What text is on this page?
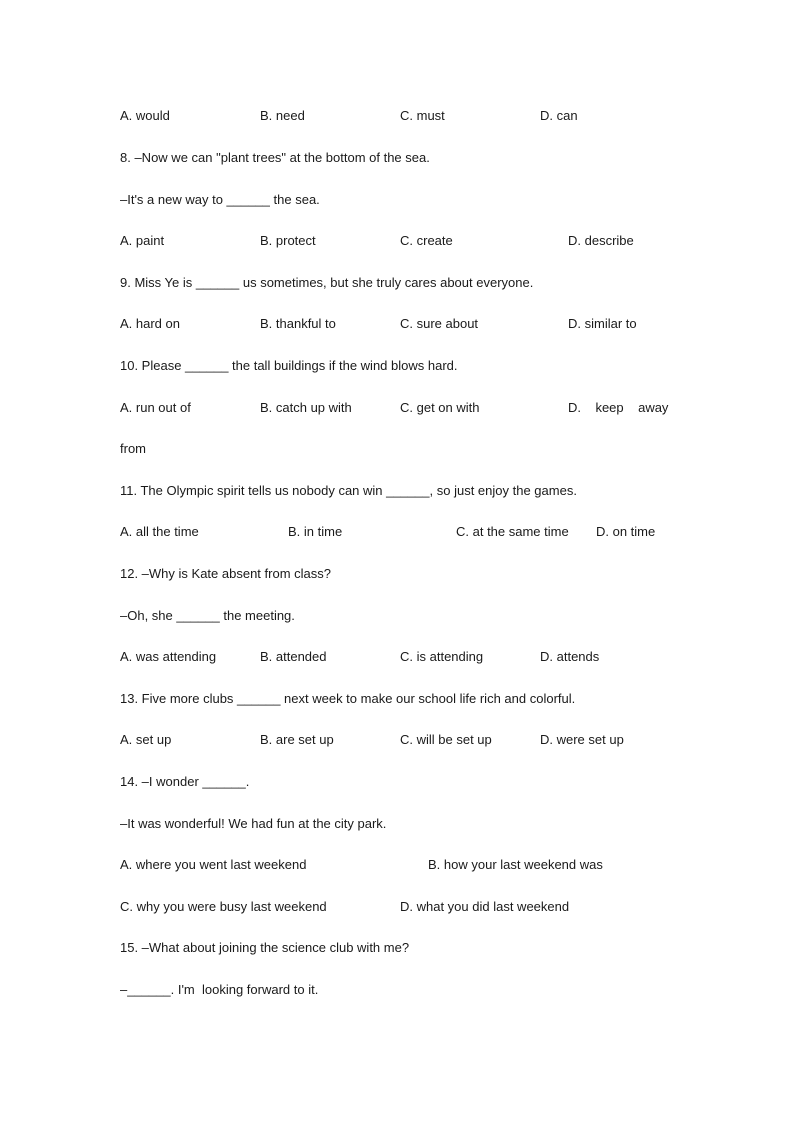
A. would	B. need	C. must	D. can
8. –Now we can "plant trees" at the bottom of the sea.
–It's a new way to ______ the sea.
A. paint	B. protect	C. create	D. describe
9. Miss Ye is ______ us sometimes, but she truly cares about everyone.
A. hard on	B. thankful to	C. sure about	D. similar to
10. Please ______ the tall buildings if the wind blows hard.
A. run out of	B. catch up with	C. get on with	D.    keep    away
from
11. The Olympic spirit tells us nobody can win ______, so just enjoy the games.
A. all the time	B. in time	C. at the same time D. on time
12. –Why is Kate absent from class?
–Oh, she ______ the meeting.
A. was attending	B. attended	C. is attending	D. attends
13. Five more clubs ______ next week to make our school life rich and colorful.
A. set up	B. are set up	C. will be set up	D. were set up
14. –I wonder ______.
–It was wonderful! We had fun at the city park.
A. where you went last weekend	B. how your last weekend was
C. why you were busy last weekend	D. what you did last weekend
15. –What about joining the science club with me?
–______. I'm  looking forward to it.
